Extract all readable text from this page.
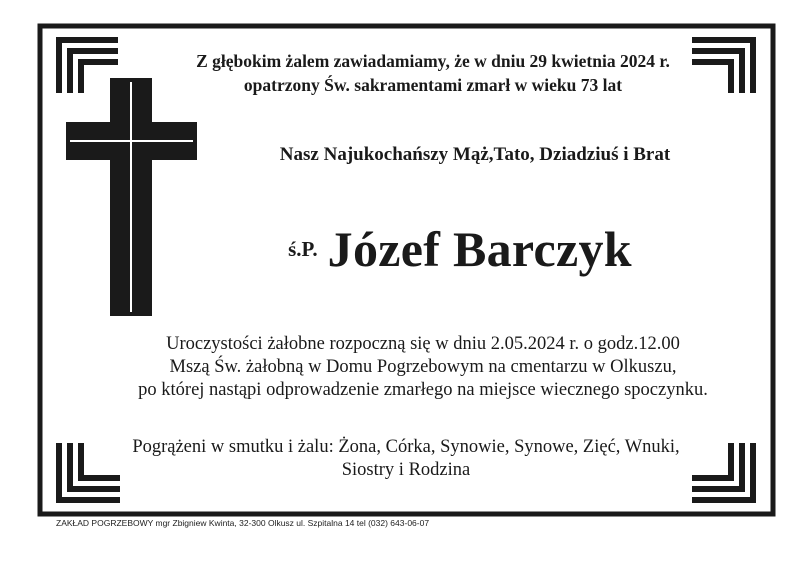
Z głębokim żalem zawiadamiamy, że w dniu 29 kwietnia 2024 r.
opatrzony Św. sakramentami zmarł w wieku 73 lat
Nasz Najukochańszy Mąż,Tato, Dziadziuś i Brat
ś.P. Józef Barczyk
Uroczystości żałobne rozpoczną się w dniu 2.05.2024 r. o godz.12.00
Mszą Św. żałobną w Domu Pogrzebowym na cmentarzu w Olkuszu,
po której nastąpi odprowadzenie zmarłego na miejsce wiecznego spoczynku.
Pogrążeni w smutku i żalu: Żona, Córka, Synowie, Synowe, Zięć, Wnuki,
Siostry i Rodzina
ZAKŁAD POGRZEBOWY mgr Zbigniew Kwinta, 32-300 Olkusz ul. Szpitalna 14 tel (032) 643-06-07
